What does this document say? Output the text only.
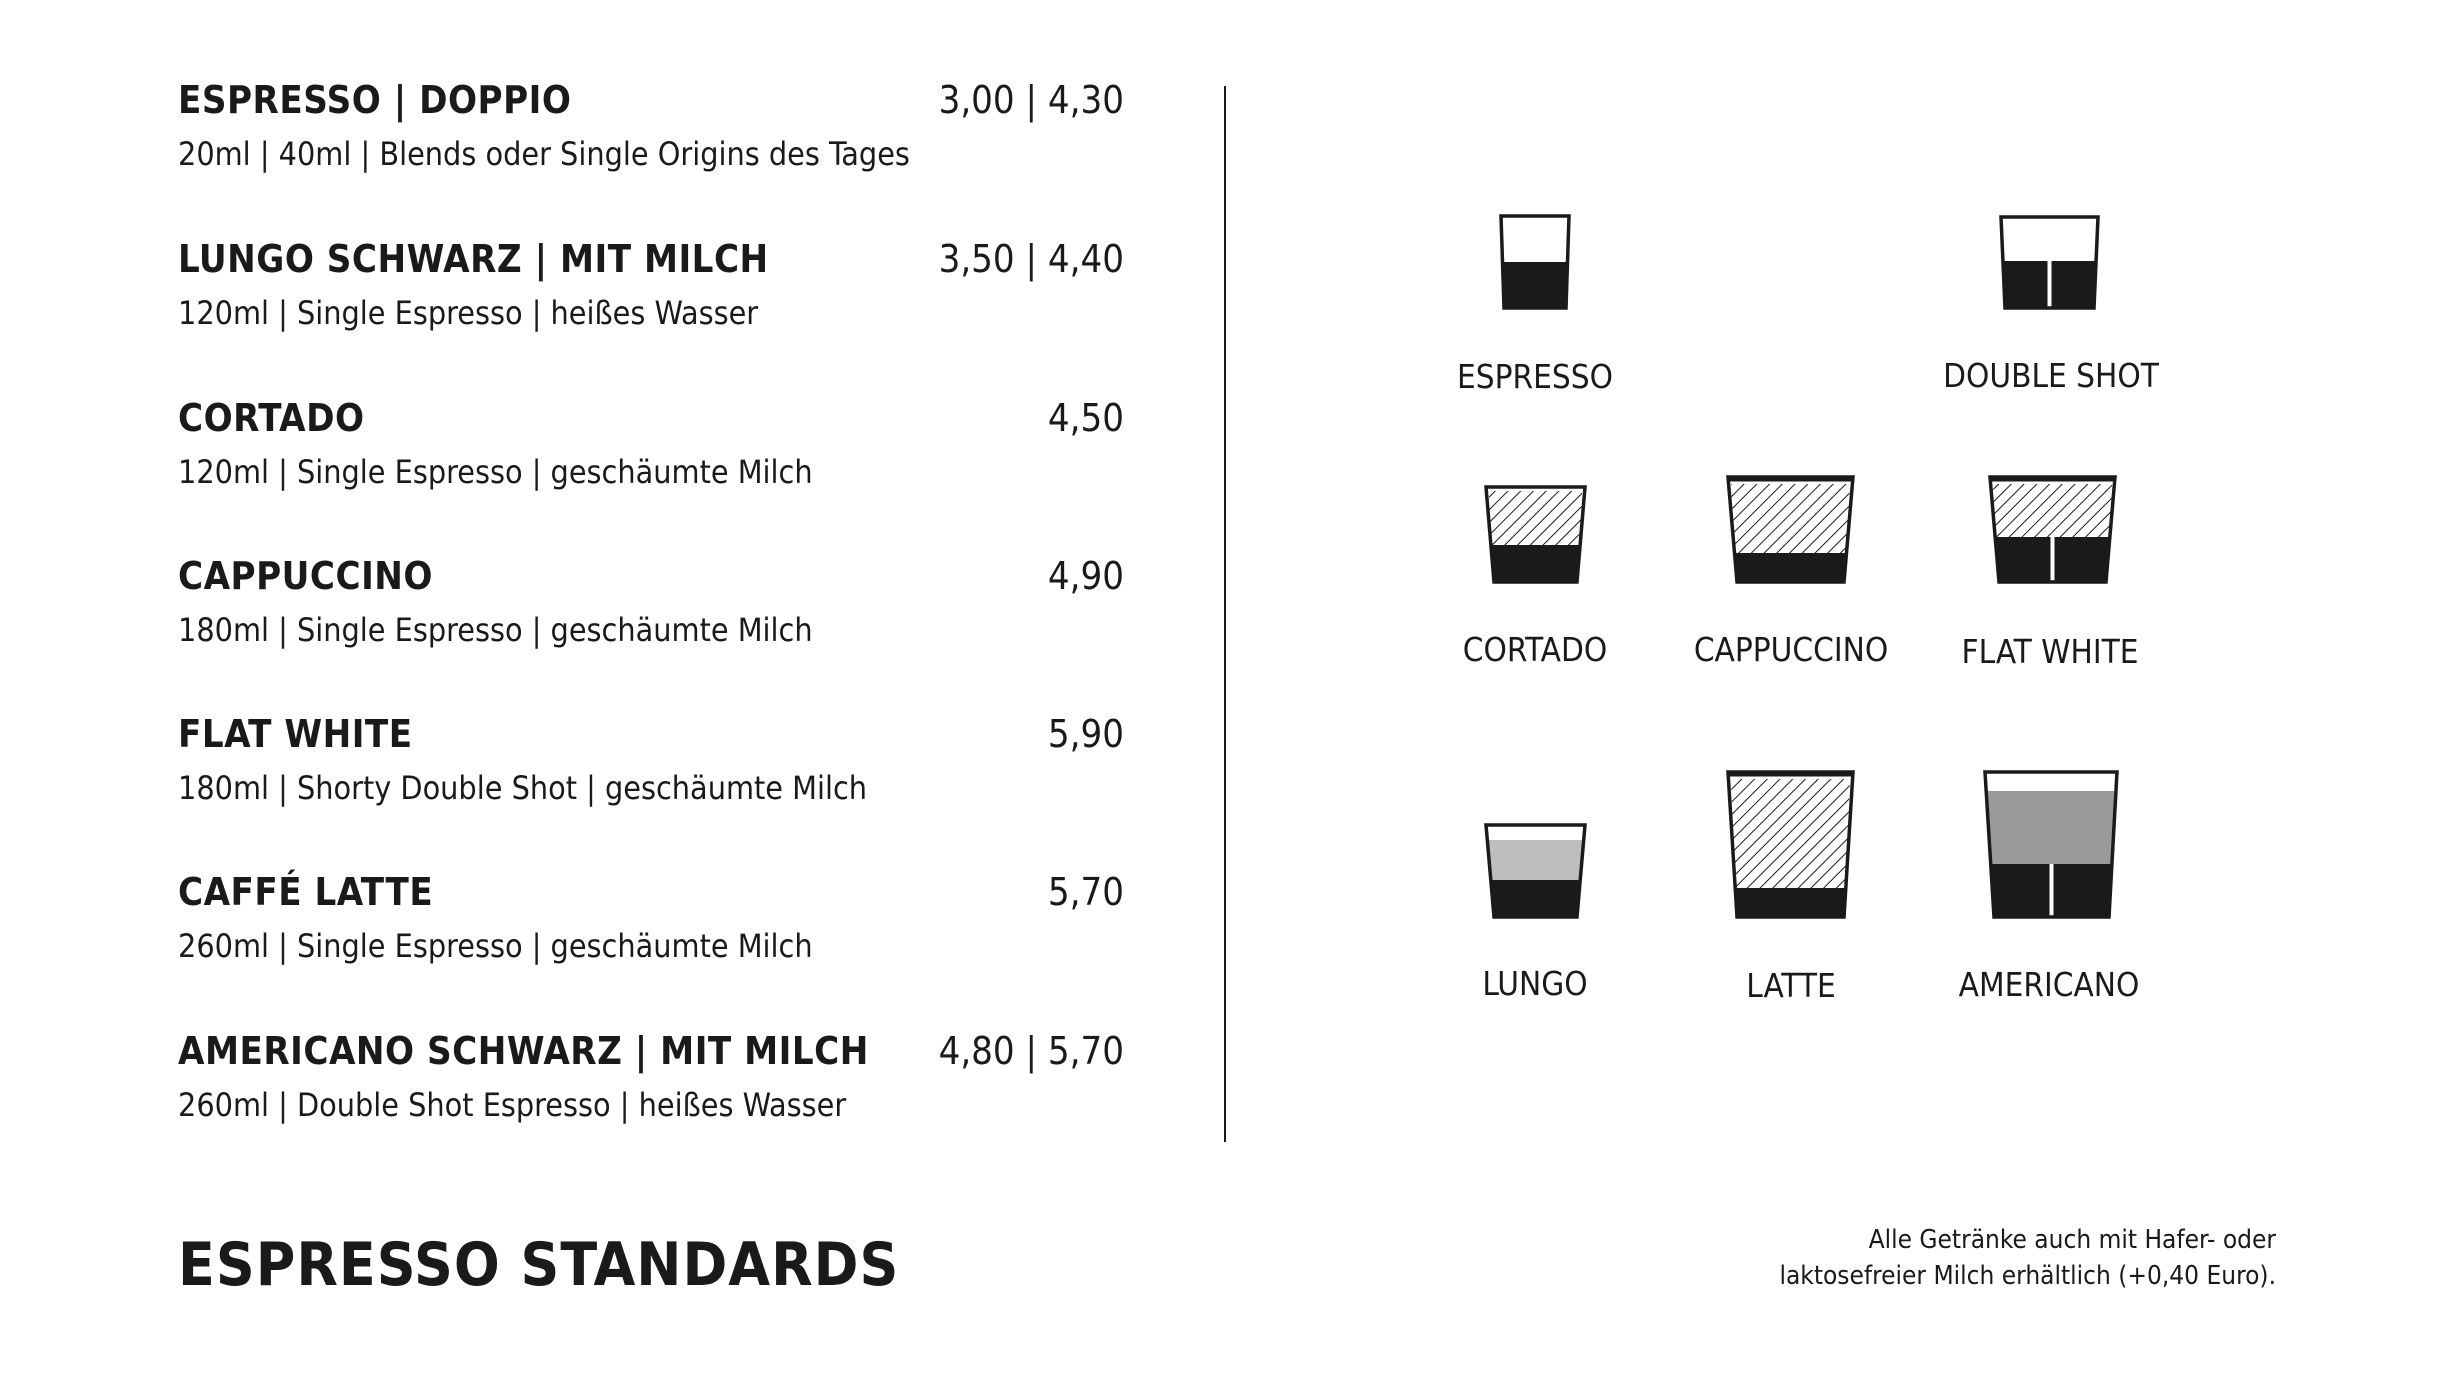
ESPRESSO | DOPPIO	3,00 | 4,30
20ml | 40ml | Blends oder Single Origins des Tages
LUNGO SCHWARZ | MIT MILCH	3,50 | 4,40
120ml | Single Espresso | heißes Wasser
CORTADO	4,50
120ml | Single Espresso | geschäumte Milch
CAPPUCCINO	4,90
180ml | Single Espresso | geschäumte Milch
FLAT WHITE	5,90
180ml | Shorty Double Shot | geschäumte Milch
CAFFÉ LATTE	5,70
260ml | Single Espresso | geschäumte Milch
AMERICANO SCHWARZ | MIT MILCH 4,80 | 5,70
260ml | Double Shot Espresso | heißes Wasser
ESPRESSO	DOUBLE SHOT
CORTADO	CAPPUCCINO	FLAT WHITE
LUNGO	LATTE	AMERICANO
ESPRESSO STANDARDS	Alle Getränke auch mit Hafer- oder
laktosefreier Milch erhältlich (+0,40 Euro).
